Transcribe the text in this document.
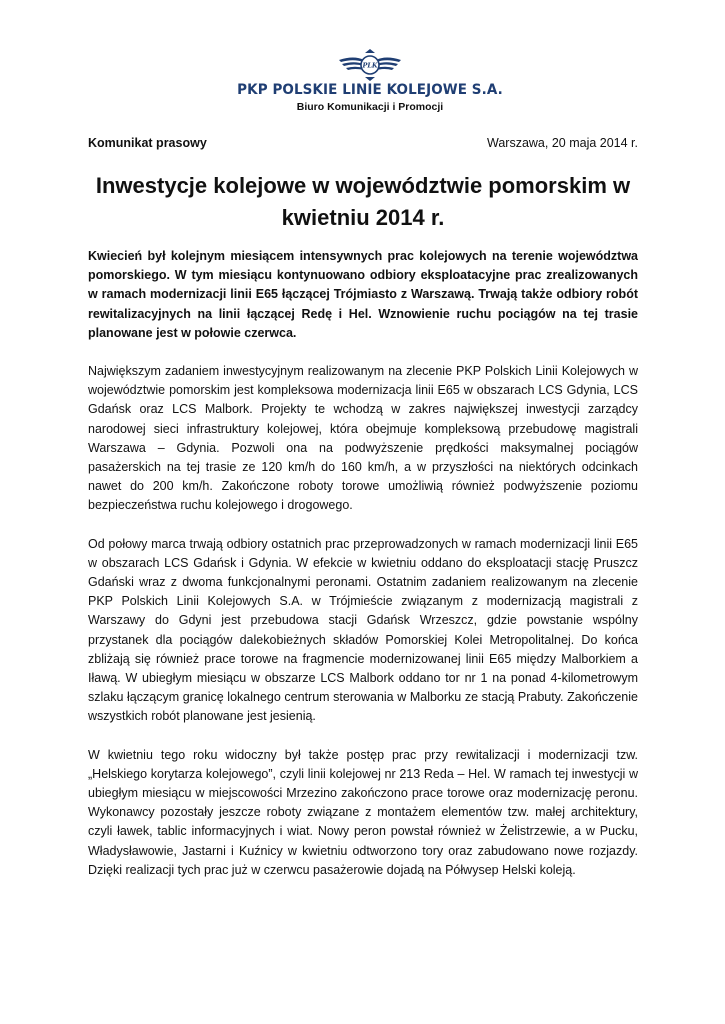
PLK
PKP POLSKIE LINIE KOLEJOWE S.A.
Biuro Komunikacji i Promocji
Komunikat prasowy	Warszawa, 20 maja 2014 r.
Inwestycje kolejowe w województwie pomorskim w kwietniu 2014 r.

Kwiecień był kolejnym miesiącem intensywnych prac kolejowych na terenie województwa pomorskiego. W tym miesiącu kontynuowano odbiory eksploatacyjne prac zrealizowanych w ramach modernizacji linii E65 łączącej Trójmiasto z Warszawą. Trwają także odbiory robót rewitalizacyjnych na linii łączącej Redę i Hel. Wznowienie ruchu pociągów na tej trasie planowane jest w połowie czerwca.

Największym zadaniem inwestycyjnym realizowanym na zlecenie PKP Polskich Linii Kolejowych w województwie pomorskim jest kompleksowa modernizacja linii E65 w obszarach LCS Gdynia, LCS Gdańsk oraz LCS Malbork. Projekty te wchodzą w zakres największej inwestycji zarządcy narodowej sieci infrastruktury kolejowej, która obejmuje kompleksową przebudowę magistrali Warszawa – Gdynia. Pozwoli ona na podwyższenie prędkości maksymalnej pociągów pasażerskich na tej trasie ze 120 km/h do 160 km/h, a w przyszłości na niektórych odcinkach nawet do 200 km/h. Zakończone roboty torowe umożliwią również podwyższenie poziomu bezpieczeństwa ruchu kolejowego i drogowego.

Od połowy marca trwają odbiory ostatnich prac przeprowadzonych w ramach modernizacji linii E65 w obszarach LCS Gdańsk i Gdynia. W efekcie w kwietniu oddano do eksploatacji stację Pruszcz Gdański wraz z dwoma funkcjonalnymi peronami. Ostatnim zadaniem realizowanym na zlecenie PKP Polskich Linii Kolejowych S.A. w Trójmieście związanym z modernizacją magistrali z Warszawy do Gdyni jest przebudowa stacji Gdańsk Wrzeszcz, gdzie powstanie wspólny przystanek dla pociągów dalekobieżnych składów Pomorskiej Kolei Metropolitalnej. Do końca zbliżają się również prace torowe na fragmencie modernizowanej linii E65 między Malborkiem a Iławą. W ubiegłym miesiącu w obszarze LCS Malbork oddano tor nr 1 na ponad 4-kilometrowym szlaku łączącym granicę lokalnego centrum sterowania w Malborku ze stacją Prabuty. Zakończenie wszystkich robót planowane jest jesienią.

W kwietniu tego roku widoczny był także postęp prac przy rewitalizacji i modernizacji tzw. „Helskiego korytarza kolejowego”, czyli linii kolejowej nr 213 Reda – Hel. W ramach tej inwestycji w ubiegłym miesiącu w miejscowości Mrzezino zakończono prace torowe oraz modernizację peronu. Wykonawcy pozostały jeszcze roboty związane z montażem elementów tzw. małej architektury, czyli ławek, tablic informacyjnych i wiat. Nowy peron powstał również w Żelistrzewie, a w Pucku, Władysławowie, Jastarni i Kuźnicy w kwietniu odtworzono tory oraz zabudowano nowe rozjazdy. Dzięki realizacji tych prac już w czerwcu pasażerowie dojadą na Półwysep Helski koleją.
